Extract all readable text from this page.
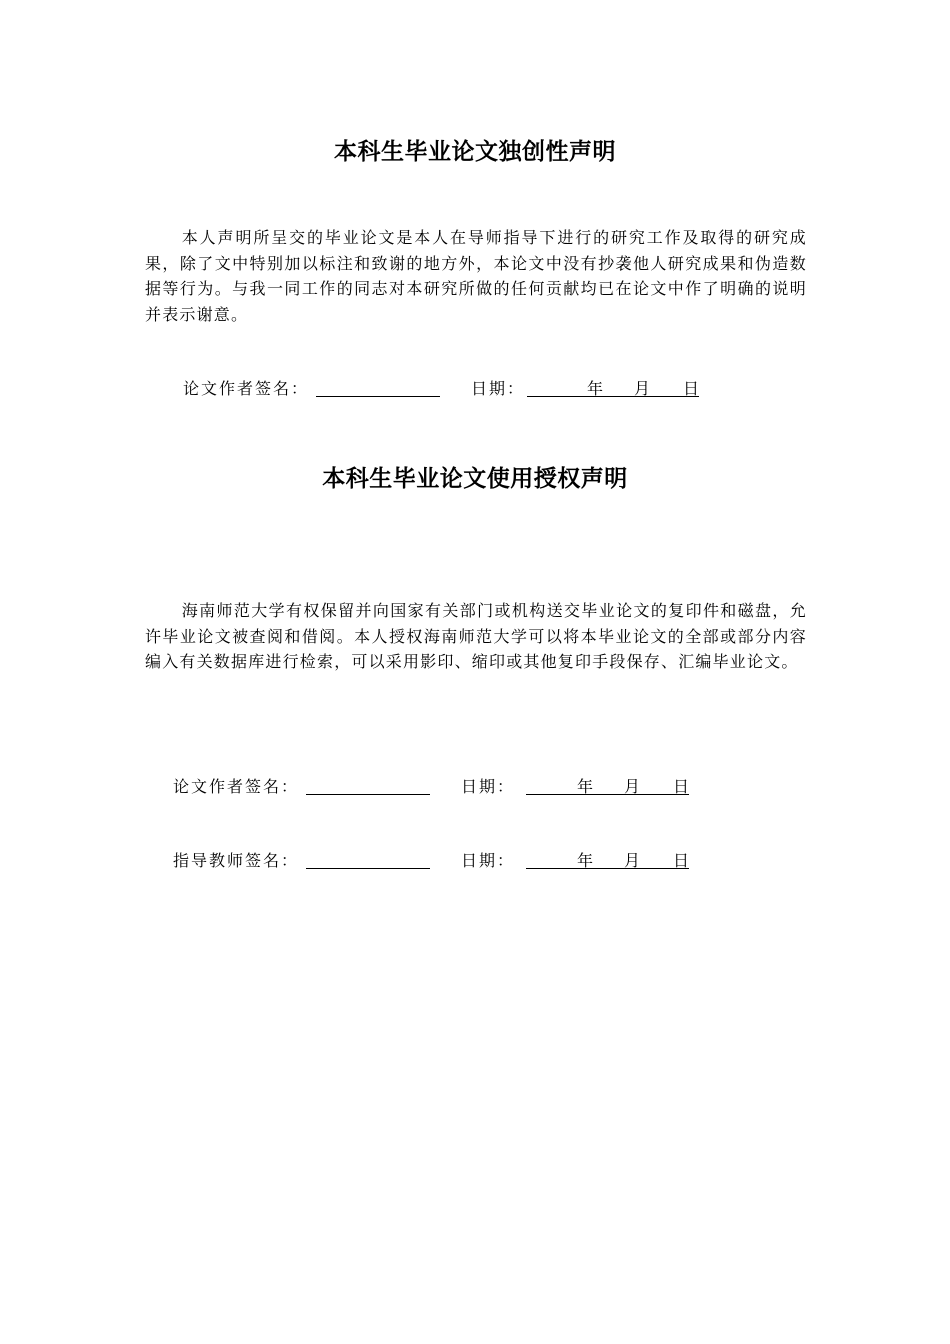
本科生毕业论文独创性声明

本人声明所呈交的毕业论文是本人在导师指导下进行的研究工作及取得的研究成果，除了文中特别加以标注和致谢的地方外，本论文中没有抄袭他人研究成果和伪造数据等行为。与我一同工作的同志对本研究所做的任何贡献均已在论文中作了明确的说明并表示谢意。

论文作者签名：	日期：	年 月 日
本科生毕业论文使用授权声明

海南师范大学有权保留并向国家有关部门或机构送交毕业论文的复印件和磁盘，允许毕业论文被查阅和借阅。本人授权海南师范大学可以将本毕业论文的全部或部分内容编入有关数据库进行检索，可以采用影印、缩印或其他复印手段保存、汇编毕业论文。

论文作者签名：	日期：	年 月 日
指导教师签名：	日期：	年 月 日
